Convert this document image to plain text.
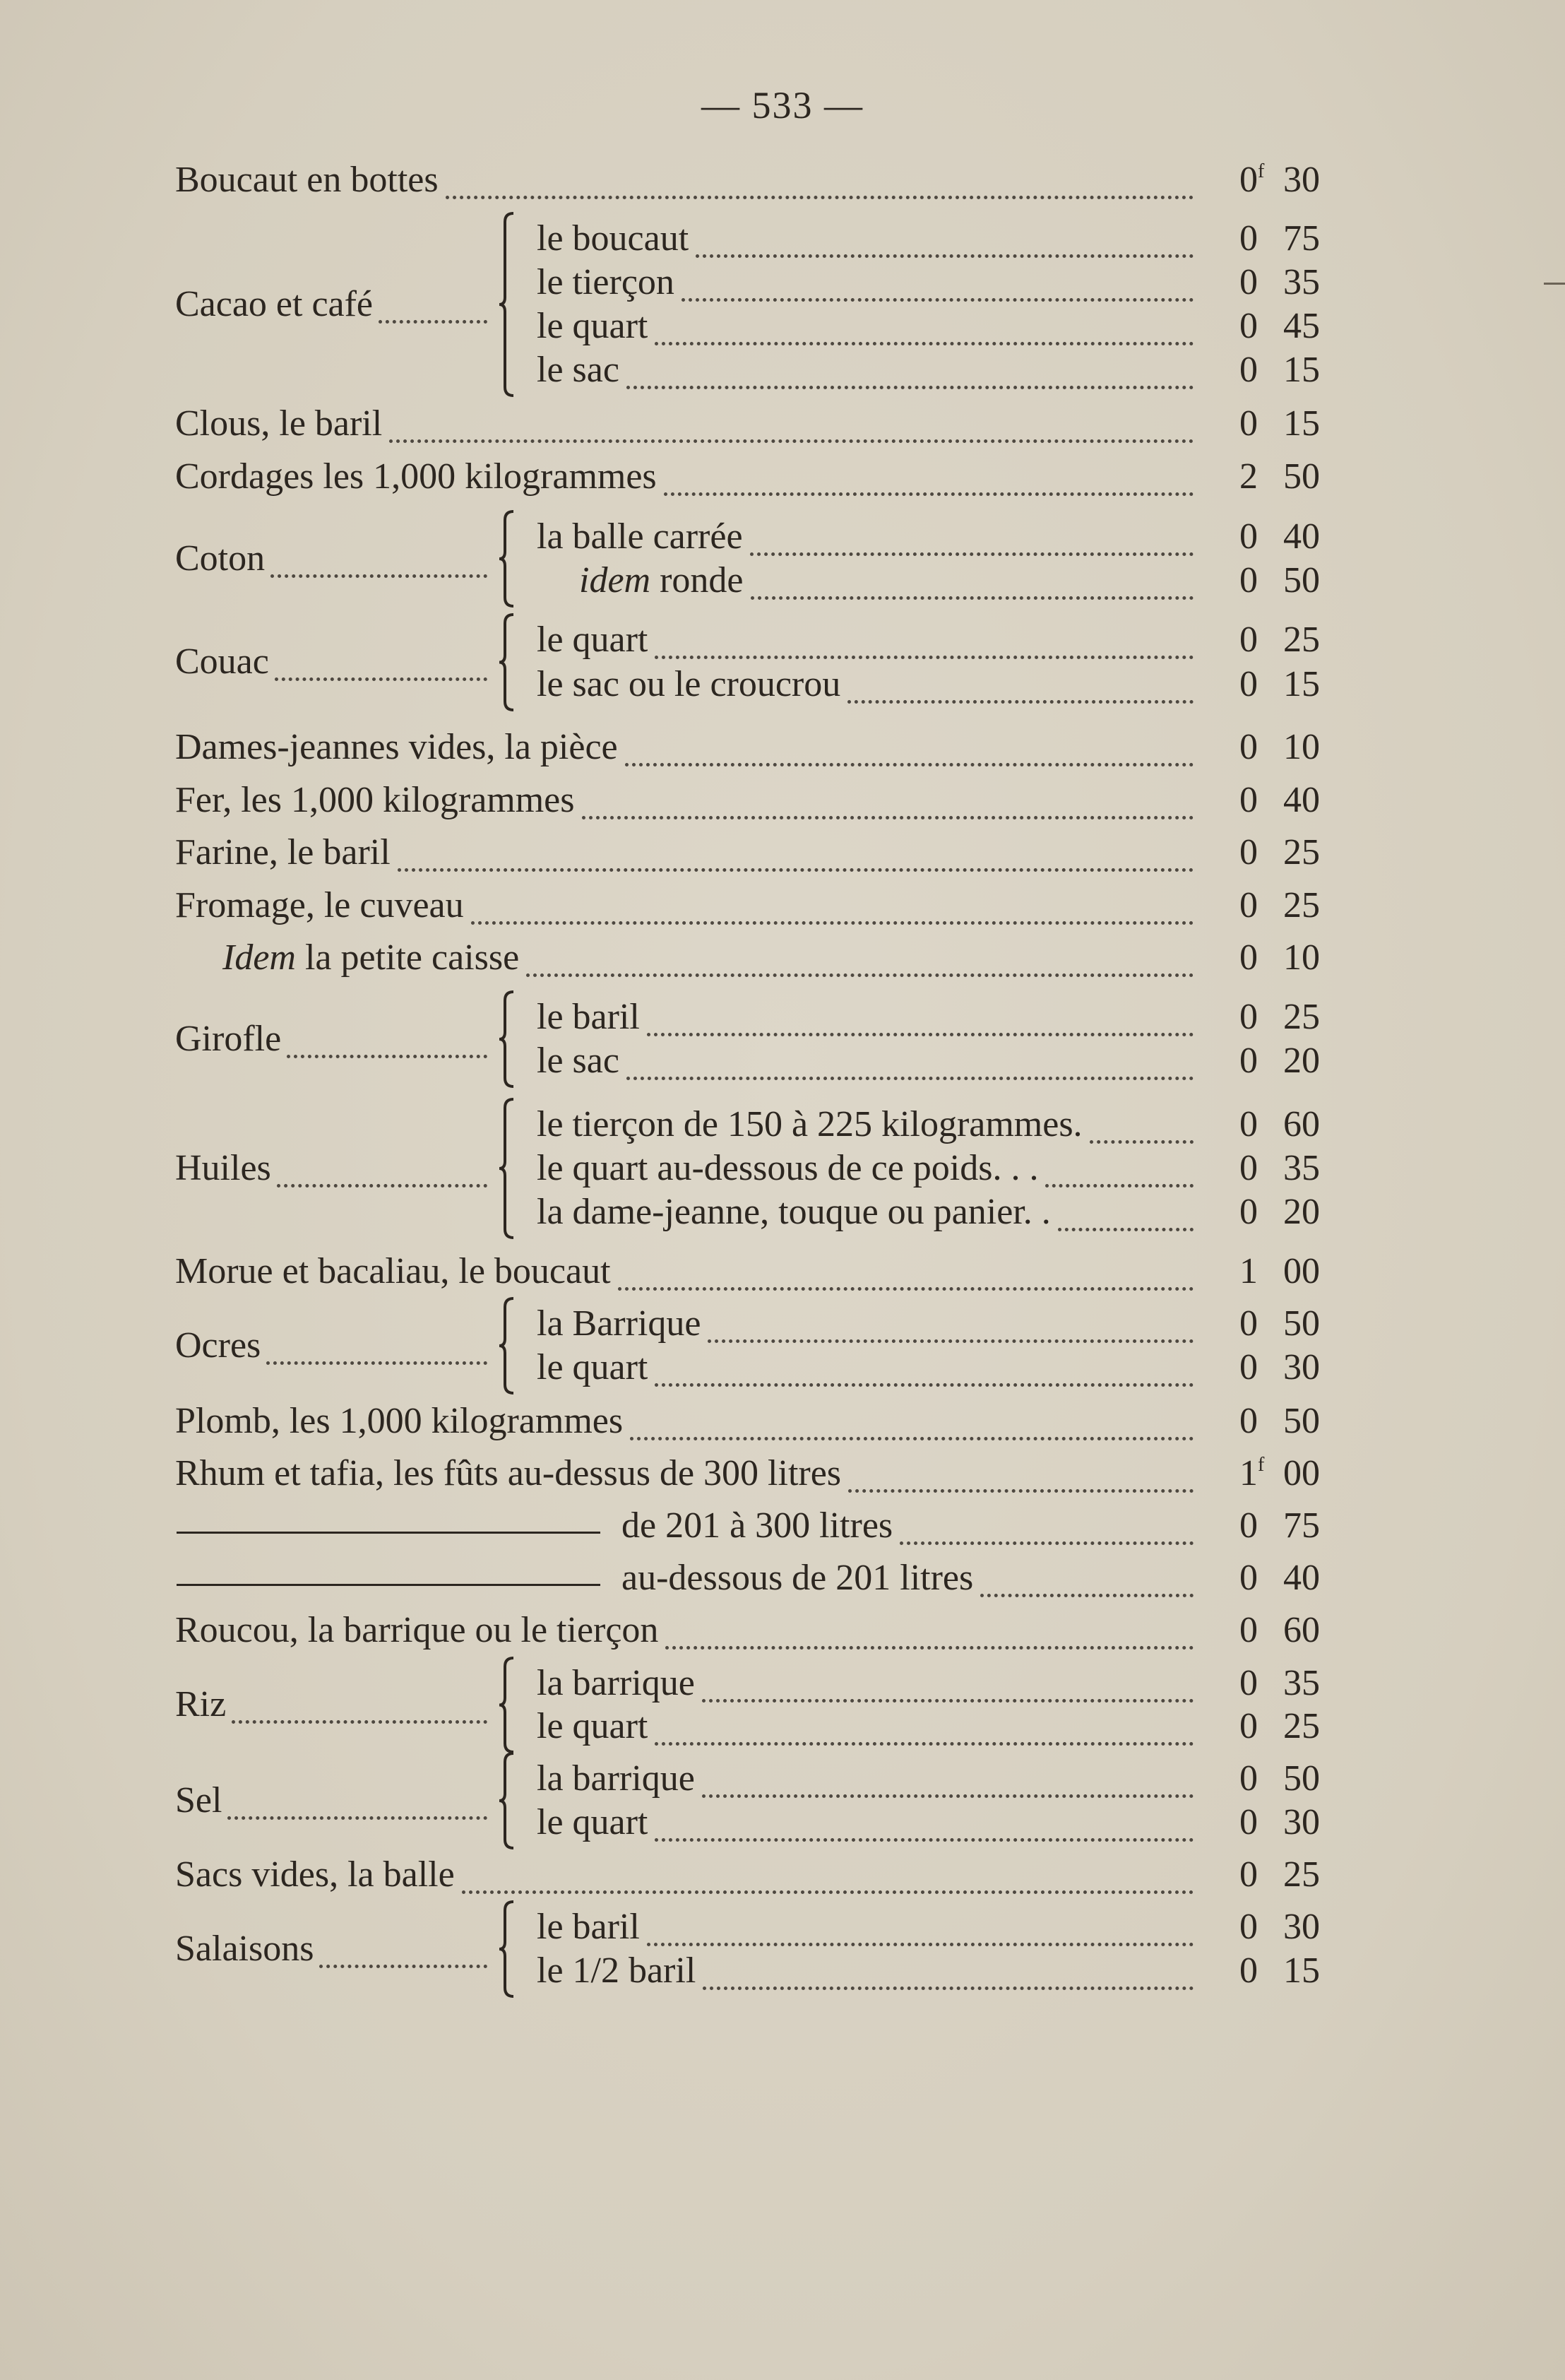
— 533 —
Boucaut en bottes	0$^f$ 30
Cacao et café
le boucaut	0 75
le tierçon	0 35
le quart	0 45
le sac	0 15
Clous, le baril	0 15
Cordages les 1,000 kilogrammes	2 50
Coton
la balle carrée	0 40
idem ronde	0 50
Couac
le quart	0 25
le sac ou le croucrou	0 15
Dames-jeannes vides, la pièce	0 10
Fer, les 1,000 kilogrammes	0 40
Farine, le baril	0 25
Fromage, le cuveau	0 25
Idem la petite caisse	0 10
Girofle
le baril	0 25
le sac	0 20
Huiles
le tierçon de 150 à 225 kilogrammes.	0 60
le quart au-dessous de ce poids. . .	0 35
la dame-jeanne, touque ou panier. .	0 20
Morue et bacaliau, le boucaut	1 00
Ocres
la Barrique	0 50
le quart	0 30
Plomb, les 1,000 kilogrammes	0 50
Rhum et tafia, les fûts au-dessus de 300 litres	1$^f$ 00
de 201 à 300 litres	0 75
au-dessous de 201 litres	0 40
Roucou, la barrique ou le tierçon	0 60
Riz
la barrique	0 35
le quart	0 25
Sel
la barrique	0 50
le quart	0 30
Sacs vides, la balle	0 25
Salaisons
le baril	0 30
le 1/2 baril	0 15
